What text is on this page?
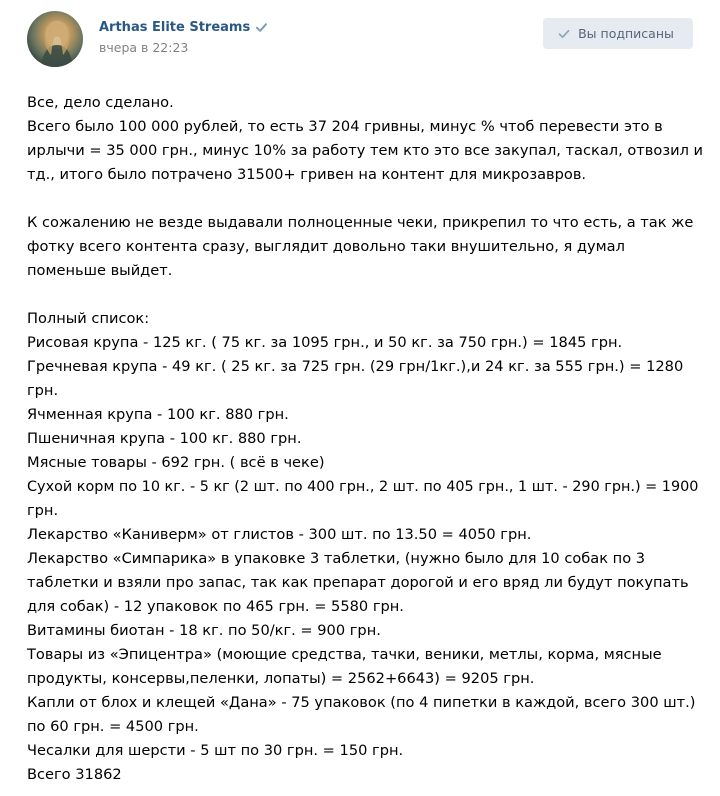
Arthas Elite Streams
вчера в 22:23
Вы подписаны
Все, дело сделано.
Всего было 100 000 рублей, то есть 37 204 гривны, минус % чтоб перевести это в
ирлычи = 35 000 грн., минус 10% за работу тем кто это все закупал, таскал, отвозил и
тд., итого было потрачено 31500+ гривен на контент для микрозавров.
К сожалению не везде выдавали полноценные чеки, прикрепил то что есть, а так же
фотку всего контента сразу, выглядит довольно таки внушительно, я думал
поменьше выйдет.
Полный список:
Рисовая крупа - 125 кг. ( 75 кг. за 1095 грн., и 50 кг. за 750 грн.) = 1845 грн.
Гречневая крупа - 49 кг. ( 25 кг. за 725 грн. (29 грн/1кг.),и 24 кг. за 555 грн.) = 1280
грн.
Ячменная крупа - 100 кг. 880 грн.
Пшеничная крупа - 100 кг. 880 грн.
Мясные товары - 692 грн. ( всё в чеке)
Сухой корм по 10 кг. - 5 кг (2 шт. по 400 грн., 2 шт. по 405 грн., 1 шт. - 290 грн.) = 1900
грн.
Лекарство «Каниверм» от глистов - 300 шт. по 13.50 = 4050 грн.
Лекарство «Симпарика» в упаковке 3 таблетки, (нужно было для 10 собак по 3
таблетки и взяли про запас, так как препарат дорогой и его вряд ли будут покупать
для собак) - 12 упаковок по 465 грн. = 5580 грн.
Витамины биотан - 18 кг. по 50/кг. = 900 грн.
Товары из «Эпицентра» (моющие средства, тачки, веники, метлы, корма, мясные
продукты, консервы,пеленки, лопаты) = 2562+6643) = 9205 грн.
Капли от блох и клещей «Дана» - 75 упаковок (по 4 пипетки в каждой, всего 300 шт.)
по 60 грн. = 4500 грн.
Чесалки для шерсти - 5 шт по 30 грн. = 150 грн.
Всего 31862
